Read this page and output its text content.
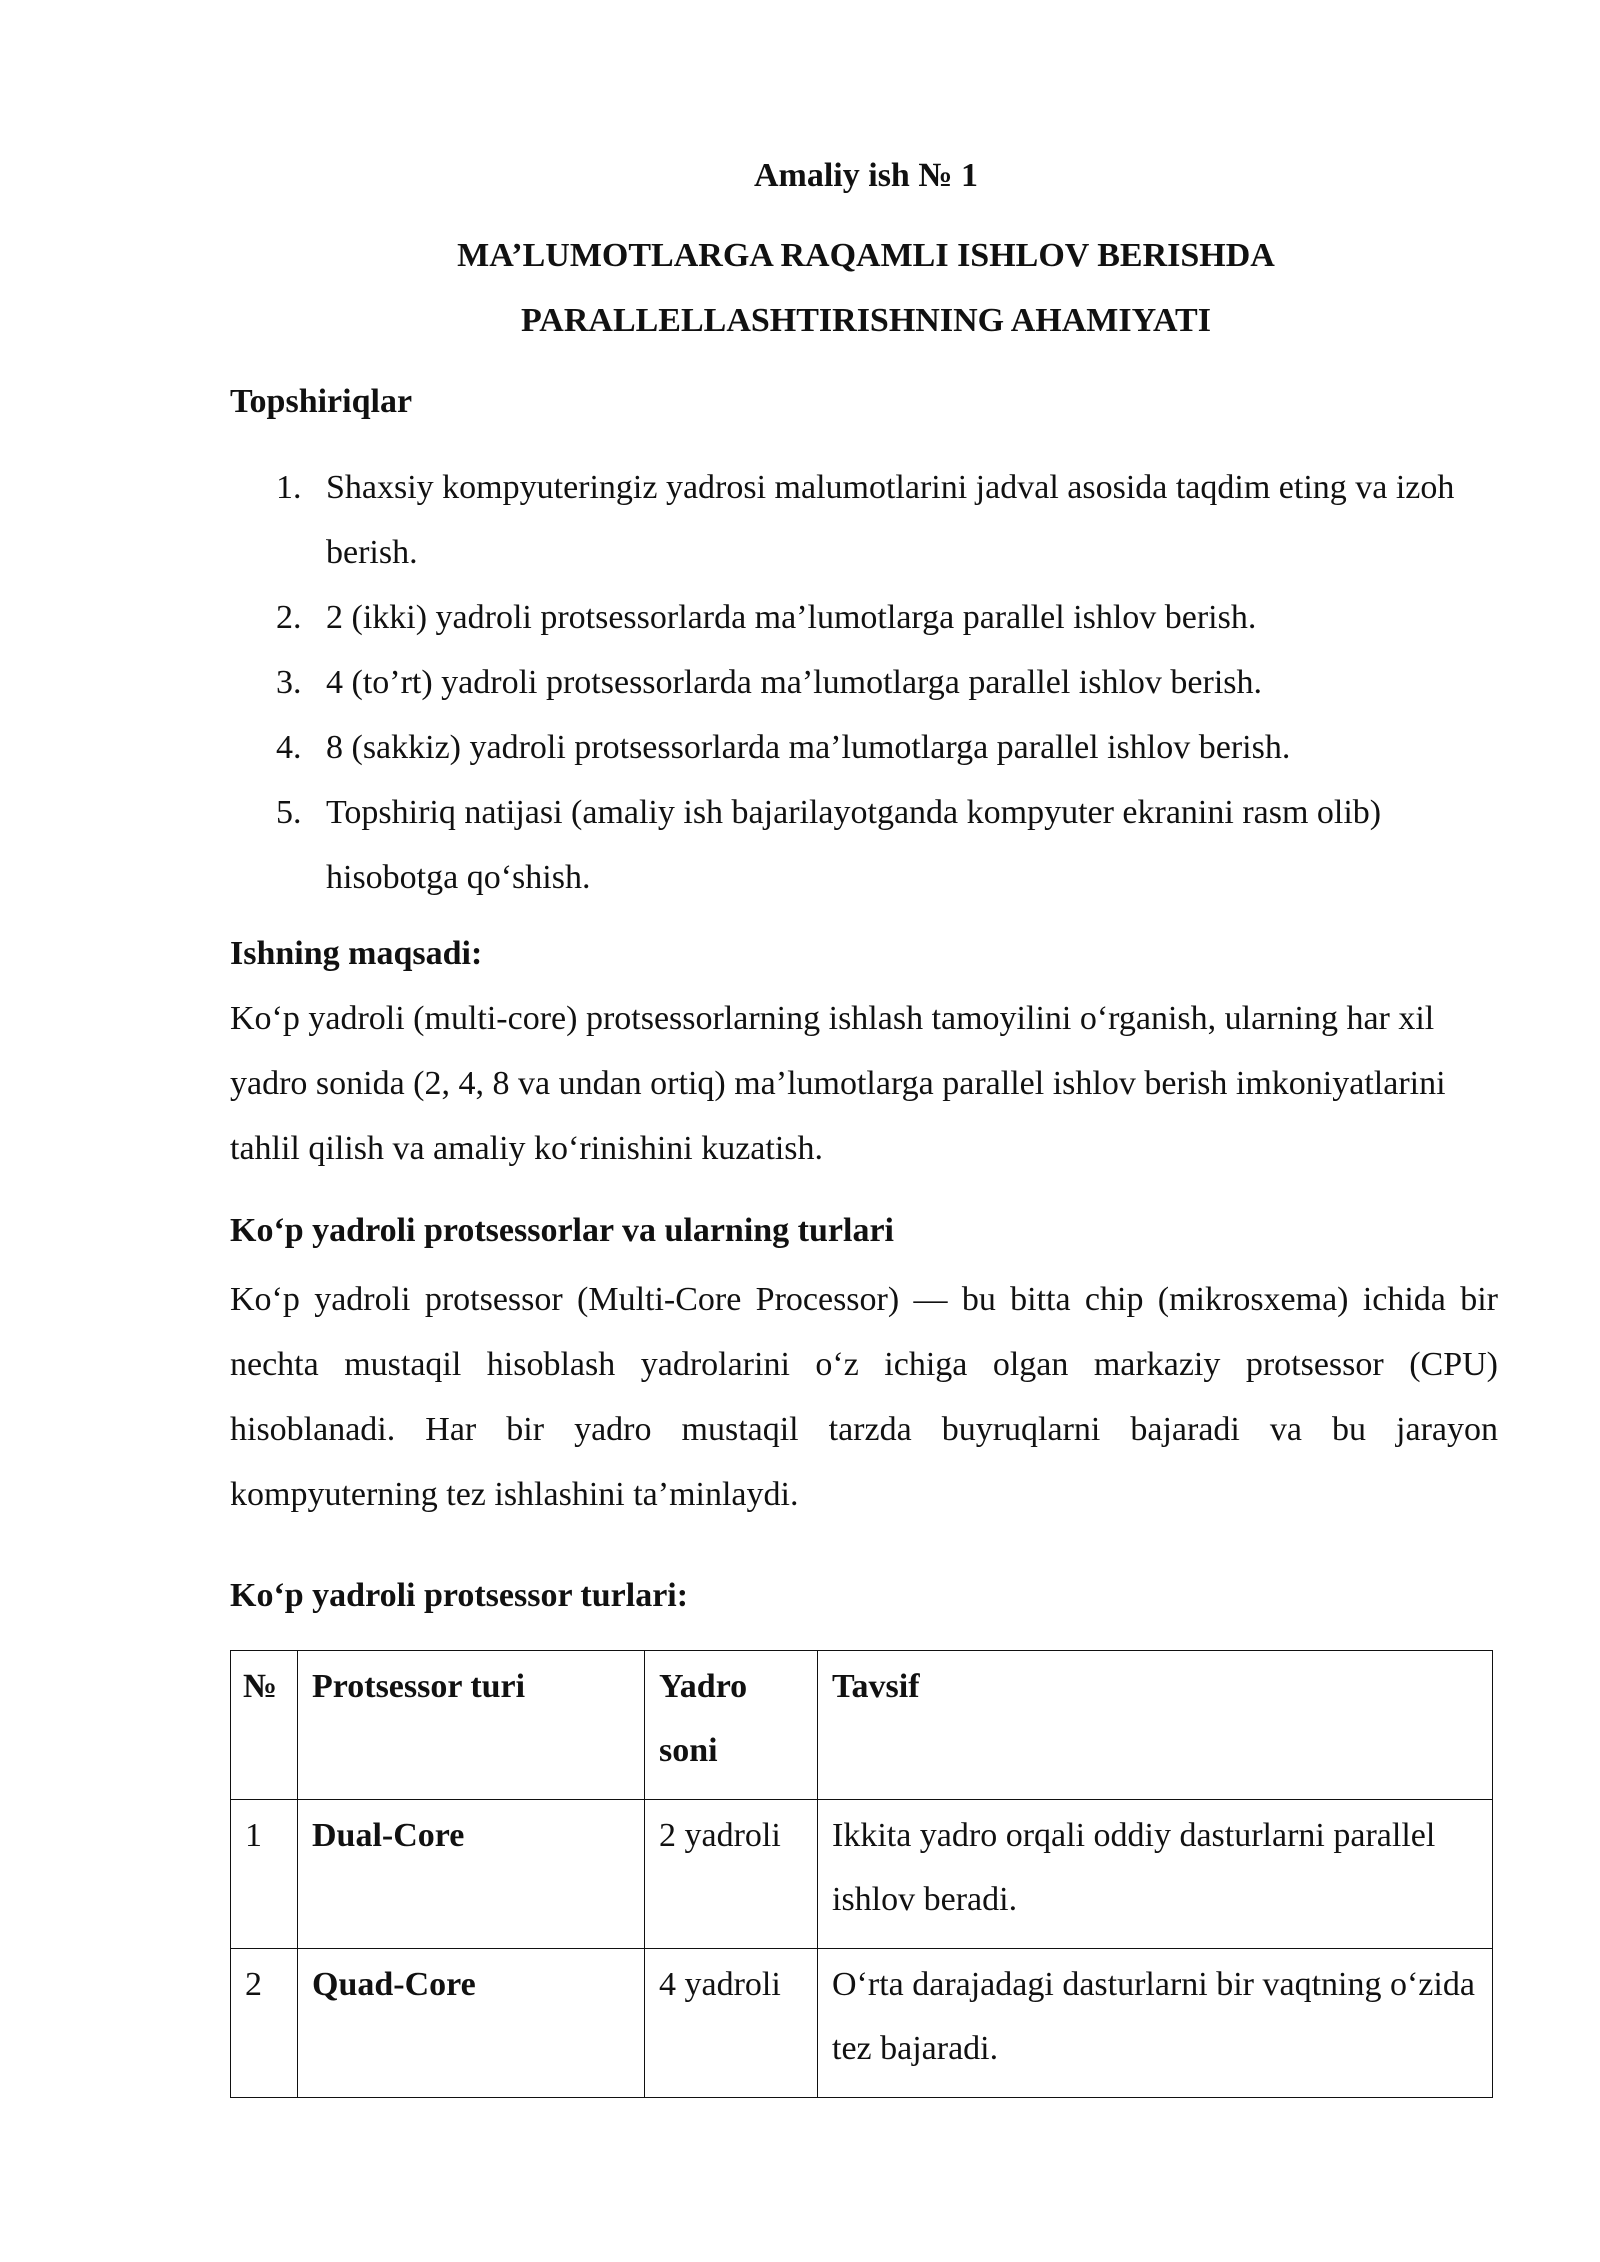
Amaliy ish № 1
MA’LUMOTLARGA RAQAMLI ISHLOV BERISHDA
PARALLELLASHTIRISHNING AHAMIYATI
Topshiriqlar
1. Shaxsiy kompyuteringiz yadrosi malumotlarini jadval asosida taqdim eting va izoh berish.
2. 2 (ikki) yadroli protsessorlarda ma’lumotlarga parallel ishlov berish.
3. 4 (to’rt) yadroli protsessorlarda ma’lumotlarga parallel ishlov berish.
4. 8 (sakkiz) yadroli protsessorlarda ma’lumotlarga parallel ishlov berish.
5. Topshiriq natijasi (amaliy ish bajarilayotganda kompyuter ekranini rasm olib) hisobotga qo‘shish.
Ishning maqsadi:
Ko‘p yadroli (multi-core) protsessorlarning ishlash tamoyilini o‘rganish, ularning har xil yadro sonida (2, 4, 8 va undan ortiq) ma’lumotlarga parallel ishlov berish imkoniyatlarini tahlil qilish va amaliy ko‘rinishini kuzatish.
Ko‘p yadroli protsessorlar va ularning turlari
Ko‘p yadroli protsessor (Multi-Core Processor) — bu bitta chip (mikrosxema) ichida bir nechta mustaqil hisoblash yadrolarini o‘z ichiga olgan markaziy protsessor (CPU) hisoblanadi. Har bir yadro mustaqil tarzda buyruqlarni bajaradi va bu jarayon kompyuterning tez ishlashini ta’minlaydi.
Ko‘p yadroli protsessor turlari:
№	Protsessor turi	Yadro soni	Tavsif
1	Dual-Core	2 yadroli	Ikkita yadro orqali oddiy dasturlarni parallel ishlov beradi.
2	Quad-Core	4 yadroli	O‘rta darajadagi dasturlarni bir vaqtning o‘zida tez bajaradi.
